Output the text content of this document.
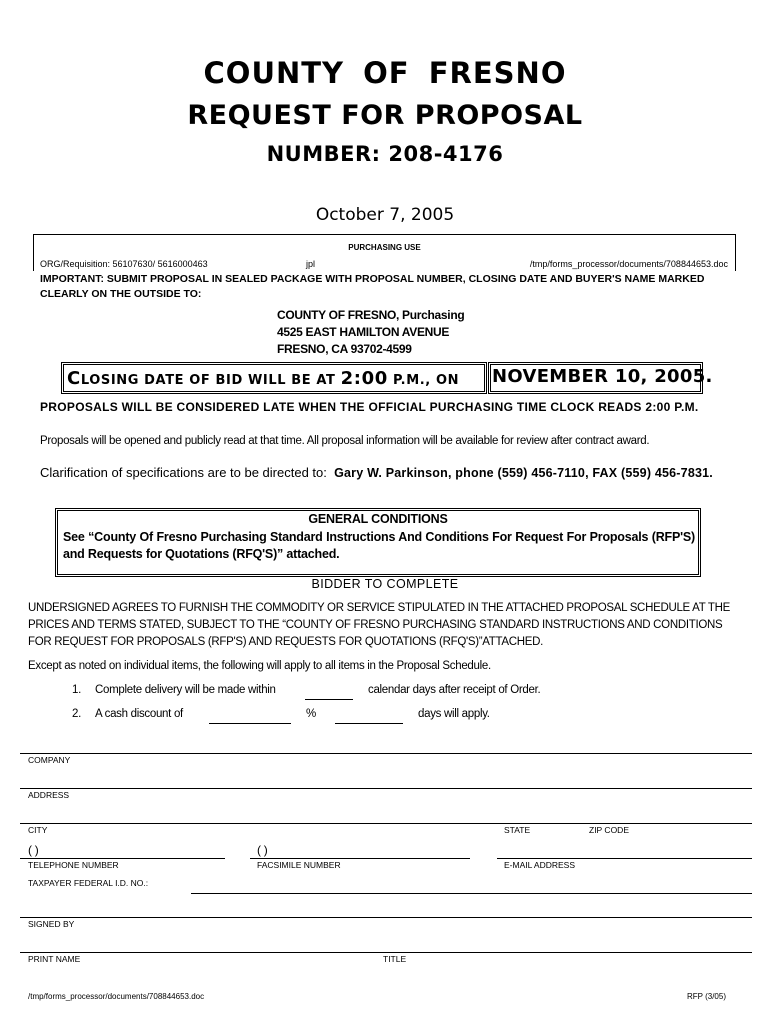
COUNTY OF FRESNO
REQUEST FOR PROPOSAL
NUMBER: 208-4176
October 7, 2005
PURCHASING USE
ORG/Requisition: 56107630/ 5616000463	jpl	/tmp/forms_processor/documents/708844653.doc
IMPORTANT: SUBMIT PROPOSAL IN SEALED PACKAGE WITH PROPOSAL NUMBER, CLOSING DATE AND BUYER'S NAME MARKED CLEARLY ON THE OUTSIDE TO:
COUNTY OF FRESNO, Purchasing
4525 EAST HAMILTON AVENUE
FRESNO, CA 93702-4599
CLOSING DATE OF BID WILL BE AT 2:00 P.M., ON NOVEMBER 10, 2005.
PROPOSALS WILL BE CONSIDERED LATE WHEN THE OFFICIAL PURCHASING TIME CLOCK READS 2:00 P.M.
Proposals will be opened and publicly read at that time. All proposal information will be available for review after contract award.
Clarification of specifications are to be directed to: Gary W. Parkinson, phone (559) 456-7110, FAX (559) 456-7831.
GENERAL CONDITIONS
See “County Of Fresno Purchasing Standard Instructions And Conditions For Request For Proposals (RFP'S) and Requests for Quotations (RFQ'S)” attached.
BIDDER TO COMPLETE
UNDERSIGNED AGREES TO FURNISH THE COMMODITY OR SERVICE STIPULATED IN THE ATTACHED PROPOSAL SCHEDULE AT THE PRICES AND TERMS STATED, SUBJECT TO THE “COUNTY OF FRESNO PURCHASING STANDARD INSTRUCTIONS AND CONDITIONS FOR REQUEST FOR PROPOSALS (RFP'S) AND REQUESTS FOR QUOTATIONS (RFQ'S)”ATTACHED.
Except as noted on individual items, the following will apply to all items in the Proposal Schedule.
1. Complete delivery will be made within	calendar days after receipt of Order.
2. A cash discount of	%	days will apply.
COMPANY
ADDRESS
CITY	STATE	ZIP CODE
( )	( )
TELEPHONE NUMBER	FACSIMILE NUMBER	E-MAIL ADDRESS
TAXPAYER FEDERAL I.D. NO.:
SIGNED BY
PRINT NAME	TITLE
/tmp/forms_processor/documents/708844653.doc	RFP (3/05)
